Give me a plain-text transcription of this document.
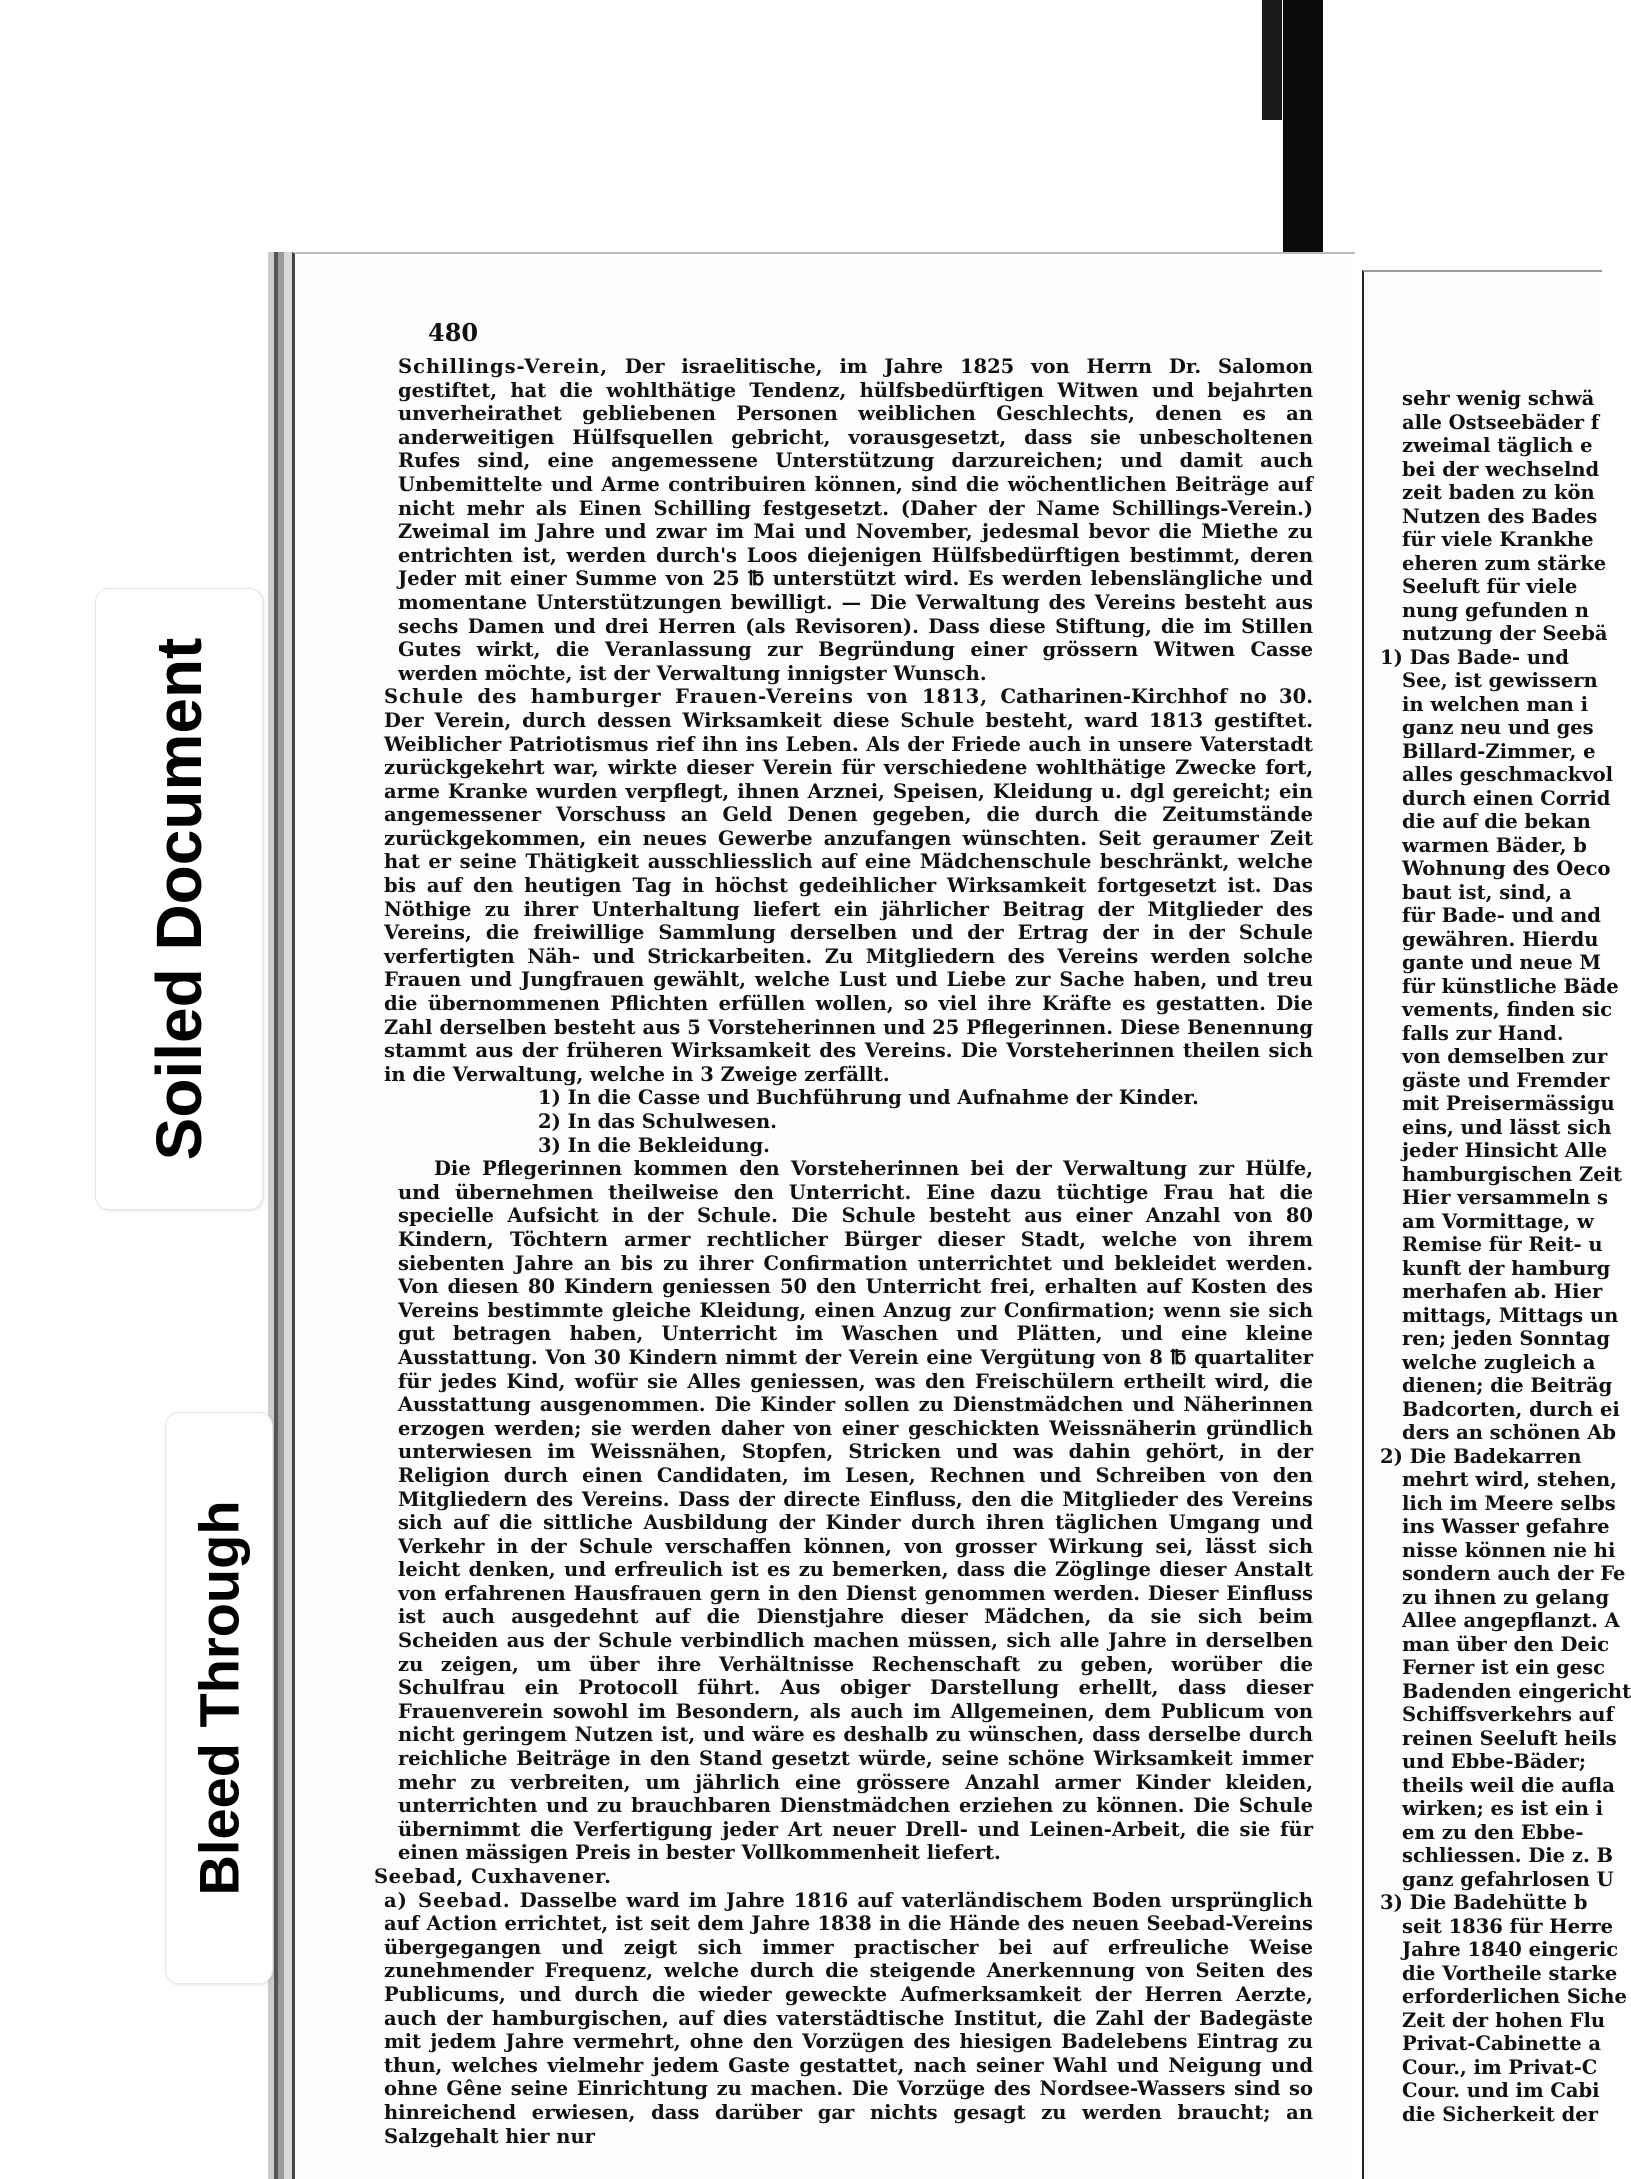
480
Schillings-Verein, Der israelitische, im Jahre 1825 von Herrn Dr. Salomon gestiftet, hat die wohlthätige Tendenz, hülfsbedürftigen Witwen und bejahrten unverheirathet gebliebenen Personen weiblichen Geschlechts, denen es an anderweitigen Hülfsquellen gebricht, vorausgesetzt, dass sie unbescholtenen Rufes sind, eine angemessene Unterstützung darzureichen; und damit auch Unbemittelte und Arme contribuiren können, sind die wöchentlichen Beiträge auf nicht mehr als Einen Schilling festgesetzt. (Daher der Name Schillings-Verein.) Zweimal im Jahre und zwar im Mai und November, jedesmal bevor die Miethe zu entrichten ist, werden durch's Loos diejenigen Hülfsbedürftigen bestimmt, deren Jeder mit einer Summe von 25 ℔ unterstützt wird. Es werden lebenslängliche und momentane Unterstützungen bewilligt. — Die Verwaltung des Vereins besteht aus sechs Damen und drei Herren (als Revisoren). Dass diese Stiftung, die im Stillen Gutes wirkt, die Veranlassung zur Begründung einer grössern Witwen Casse werden möchte, ist der Verwaltung innigster Wunsch.
Schule des hamburger Frauen-Vereins von 1813, Catharinen-Kirchhof no 30. Der Verein, durch dessen Wirksamkeit diese Schule besteht, ward 1813 gestiftet. Weiblicher Patriotismus rief ihn ins Leben. Als der Friede auch in unsere Vaterstadt zurückgekehrt war, wirkte dieser Verein für verschiedene wohlthätige Zwecke fort, arme Kranke wurden verpflegt, ihnen Arznei, Speisen, Kleidung u. dgl gereicht; ein angemessener Vorschuss an Geld Denen gegeben, die durch die Zeitumstände zurückgekommen, ein neues Gewerbe anzufangen wünschten. Seit geraumer Zeit hat er seine Thätigkeit ausschliesslich auf eine Mädchenschule beschränkt, welche bis auf den heutigen Tag in höchst gedeihlicher Wirksamkeit fortgesetzt ist. Das Nöthige zu ihrer Unterhaltung liefert ein jährlicher Beitrag der Mitglieder des Vereins, die freiwillige Sammlung derselben und der Ertrag der in der Schule verfertigten Näh- und Strickarbeiten. Zu Mitgliedern des Vereins werden solche Frauen und Jungfrauen gewählt, welche Lust und Liebe zur Sache haben, und treu die übernommenen Pflichten erfüllen wollen, so viel ihre Kräfte es gestatten. Die Zahl derselben besteht aus 5 Vorsteherinnen und 25 Pflegerinnen. Diese Benennung stammt aus der früheren Wirksamkeit des Vereins. Die Vorsteherinnen theilen sich in die Verwaltung, welche in 3 Zweige zerfällt.
1) In die Casse und Buchführung und Aufnahme der Kinder.
2) In das Schulwesen.
3) In die Bekleidung.
Die Pflegerinnen kommen den Vorsteherinnen bei der Verwaltung zur Hülfe, und übernehmen theilweise den Unterricht. Eine dazu tüchtige Frau hat die specielle Aufsicht in der Schule. Die Schule besteht aus einer Anzahl von 80 Kindern, Töchtern armer rechtlicher Bürger dieser Stadt, welche von ihrem siebenten Jahre an bis zu ihrer Confirmation unterrichtet und bekleidet werden. Von diesen 80 Kindern geniessen 50 den Unterricht frei, erhalten auf Kosten des Vereins bestimmte gleiche Kleidung, einen Anzug zur Confirmation; wenn sie sich gut betragen haben, Unterricht im Waschen und Plätten, und eine kleine Ausstattung. Von 30 Kindern nimmt der Verein eine Vergütung von 8 ℔ quartaliter für jedes Kind, wofür sie Alles geniessen, was den Freischülern ertheilt wird, die Ausstattung ausgenommen. Die Kinder sollen zu Dienstmädchen und Näherinnen erzogen werden; sie werden daher von einer geschickten Weissnäherin gründlich unterwiesen im Weissnähen, Stopfen, Stricken und was dahin gehört, in der Religion durch einen Candidaten, im Lesen, Rechnen und Schreiben von den Mitgliedern des Vereins. Dass der directe Einfluss, den die Mitglieder des Vereins sich auf die sittliche Ausbildung der Kinder durch ihren täglichen Umgang und Verkehr in der Schule verschaffen können, von grosser Wirkung sei, lässt sich leicht denken, und erfreulich ist es zu bemerken, dass die Zöglinge dieser Anstalt von erfahrenen Hausfrauen gern in den Dienst genommen werden. Dieser Einfluss ist auch ausgedehnt auf die Dienstjahre dieser Mädchen, da sie sich beim Scheiden aus der Schule verbindlich machen müssen, sich alle Jahre in derselben zu zeigen, um über ihre Verhältnisse Rechenschaft zu geben, worüber die Schulfrau ein Protocoll führt. Aus obiger Darstellung erhellt, dass dieser Frauenverein sowohl im Besondern, als auch im Allgemeinen, dem Publicum von nicht geringem Nutzen ist, und wäre es deshalb zu wünschen, dass derselbe durch reichliche Beiträge in den Stand gesetzt würde, seine schöne Wirksamkeit immer mehr zu verbreiten, um jährlich eine grössere Anzahl armer Kinder kleiden, unterrichten und zu brauchbaren Dienstmädchen erziehen zu können. Die Schule übernimmt die Verfertigung jeder Art neuer Drell- und Leinen-Arbeit, die sie für einen mässigen Preis in bester Vollkommenheit liefert.
Seebad, Cuxhavener.
a) Seebad. Dasselbe ward im Jahre 1816 auf vaterländischem Boden ursprünglich auf Action errichtet, ist seit dem Jahre 1838 in die Hände des neuen Seebad-Vereins übergegangen und zeigt sich immer practischer bei auf erfreuliche Weise zunehmender Frequenz, welche durch die steigende Anerkennung von Seiten des Publicums, und durch die wieder geweckte Aufmerksamkeit der Herren Aerzte, auch der hamburgischen, auf dies vaterstädtische Institut, die Zahl der Badegäste mit jedem Jahre vermehrt, ohne den Vorzügen des hiesigen Badelebens Eintrag zu thun, welches vielmehr jedem Gaste gestattet, nach seiner Wahl und Neigung und ohne Gêne seine Einrichtung zu machen. Die Vorzüge des Nordsee-Wassers sind so hinreichend erwiesen, dass darüber gar nichts gesagt zu werden braucht; an Salzgehalt hier nur
sehr wenig schwä
alle Ostseebäder f
zweimal täglich e
bei der wechselnd
zeit baden zu kön
Nutzen des Bades
für viele Krankhe
eheren zum stärke
Seeluft für viele
nung gefunden n
nutzung der Seebä
1) Das Bade- und
See, ist gewissern
in welchen man i
ganz neu und ges
Billard-Zimmer, e
alles geschmackvol
durch einen Corrid
die auf die bekan
warmen Bäder, b
Wohnung des Oeco
baut ist, sind, a
für Bade- und and
gewähren. Hierdu
gante und neue M
für künstliche Bäde
vements, finden sic
falls zur Hand.
von demselben zur
gäste und Fremder
mit Preisermässigu
eins, und lässt sich
jeder Hinsicht Alle
hamburgischen Zeit
Hier versammeln s
am Vormittage, w
Remise für Reit- u
kunft der hamburg
merhafen ab. Hier
mittags, Mittags un
ren; jeden Sonntag
welche zugleich a
dienen; die Beiträg
Badcorten, durch ei
ders an schönen Ab
2) Die Badekarren
mehrt wird, stehen,
lich im Meere selbs
ins Wasser gefahre
nisse können nie hi
sondern auch der Fe
zu ihnen zu gelang
Allee angepflanzt. A
man über den Deic
Ferner ist ein gesc
Badenden eingericht
Schiffsverkehrs auf
reinen Seeluft heils
und Ebbe-Bäder;
theils weil die aufla
wirken; es ist ein i
em zu den Ebbe-
schliessen. Die z. B
ganz gefahrlosen U
3) Die Badehütte b
seit 1836 für Herre
Jahre 1840 eingeric
die Vortheile starke
erforderlichen Siche
Zeit der hohen Flu
Privat-Cabinette a
Cour., im Privat-C
Cour. und im Cabi
die Sicherkeit der
Soiled Document
Bleed Through
